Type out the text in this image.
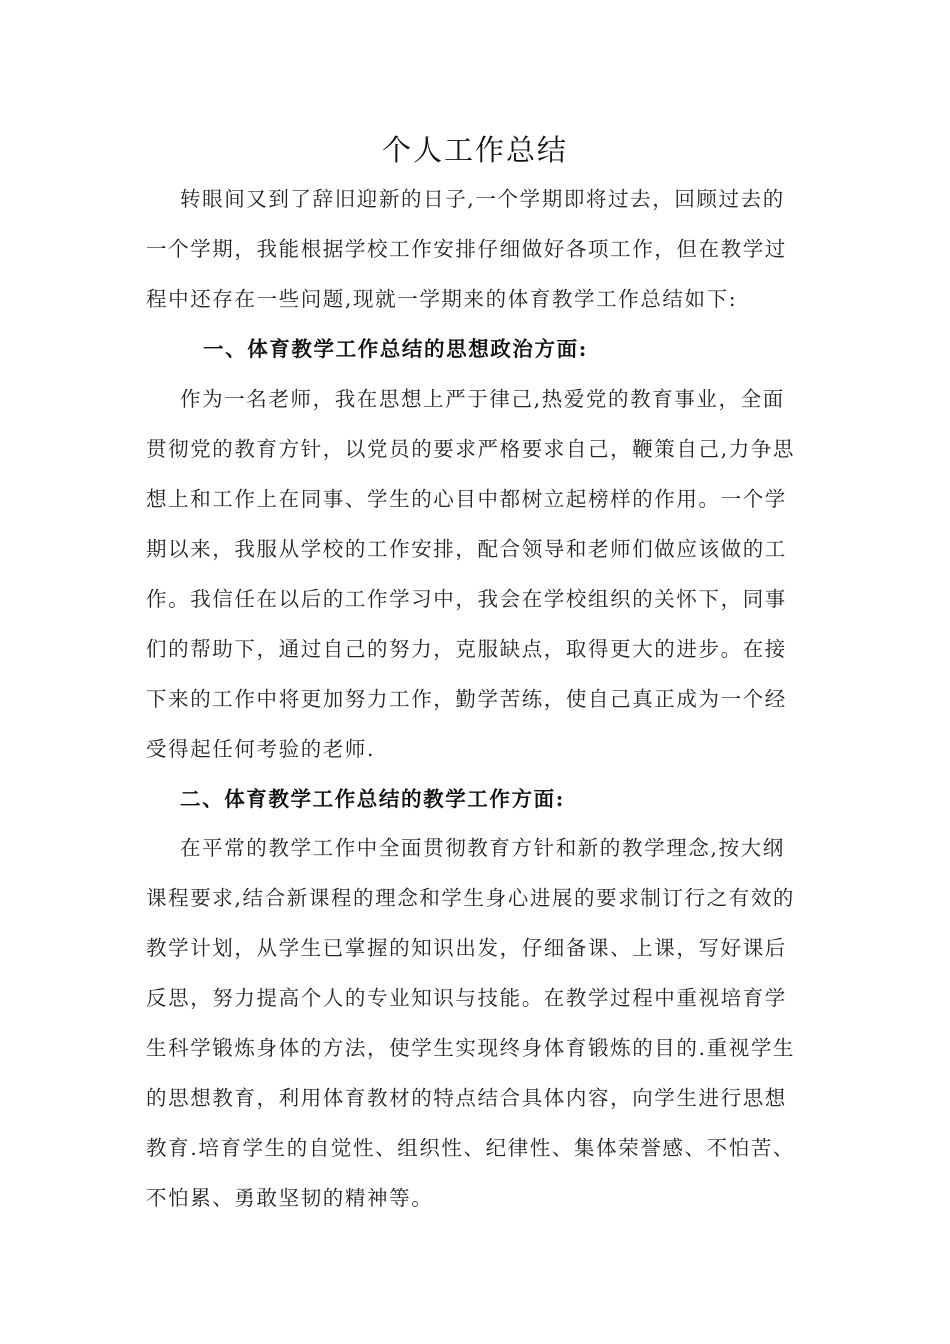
个人工作总结
转眼间又到了辞旧迎新的日子,一个学期即将过去，回顾过去的
一个学期，我能根据学校工作安排仔细做好各项工作，但在教学过
程中还存在一些问题,现就一学期来的体育教学工作总结如下:
一、体育教学工作总结的思想政治方面:
作为一名老师，我在思想上严于律己,热爱党的教育事业，全面
贯彻党的教育方针，以党员的要求严格要求自己，鞭策自己,力争思
想上和工作上在同事、学生的心目中都树立起榜样的作用。一个学
期以来，我服从学校的工作安排，配合领导和老师们做应该做的工
作。我信任在以后的工作学习中，我会在学校组织的关怀下，同事
们的帮助下，通过自己的努力，克服缺点，取得更大的进步。在接
下来的工作中将更加努力工作，勤学苦练，使自己真正成为一个经
受得起任何考验的老师.
二、体育教学工作总结的教学工作方面:
在平常的教学工作中全面贯彻教育方针和新的教学理念,按大纲
课程要求,结合新课程的理念和学生身心进展的要求制订行之有效的
教学计划，从学生已掌握的知识出发，仔细备课、上课，写好课后
反思，努力提高个人的专业知识与技能。在教学过程中重视培育学
生科学锻炼身体的方法，使学生实现终身体育锻炼的目的.重视学生
的思想教育，利用体育教材的特点结合具体内容，向学生进行思想
教育.培育学生的自觉性、组织性、纪律性、集体荣誉感、不怕苦、
不怕累、勇敢坚韧的精神等。
